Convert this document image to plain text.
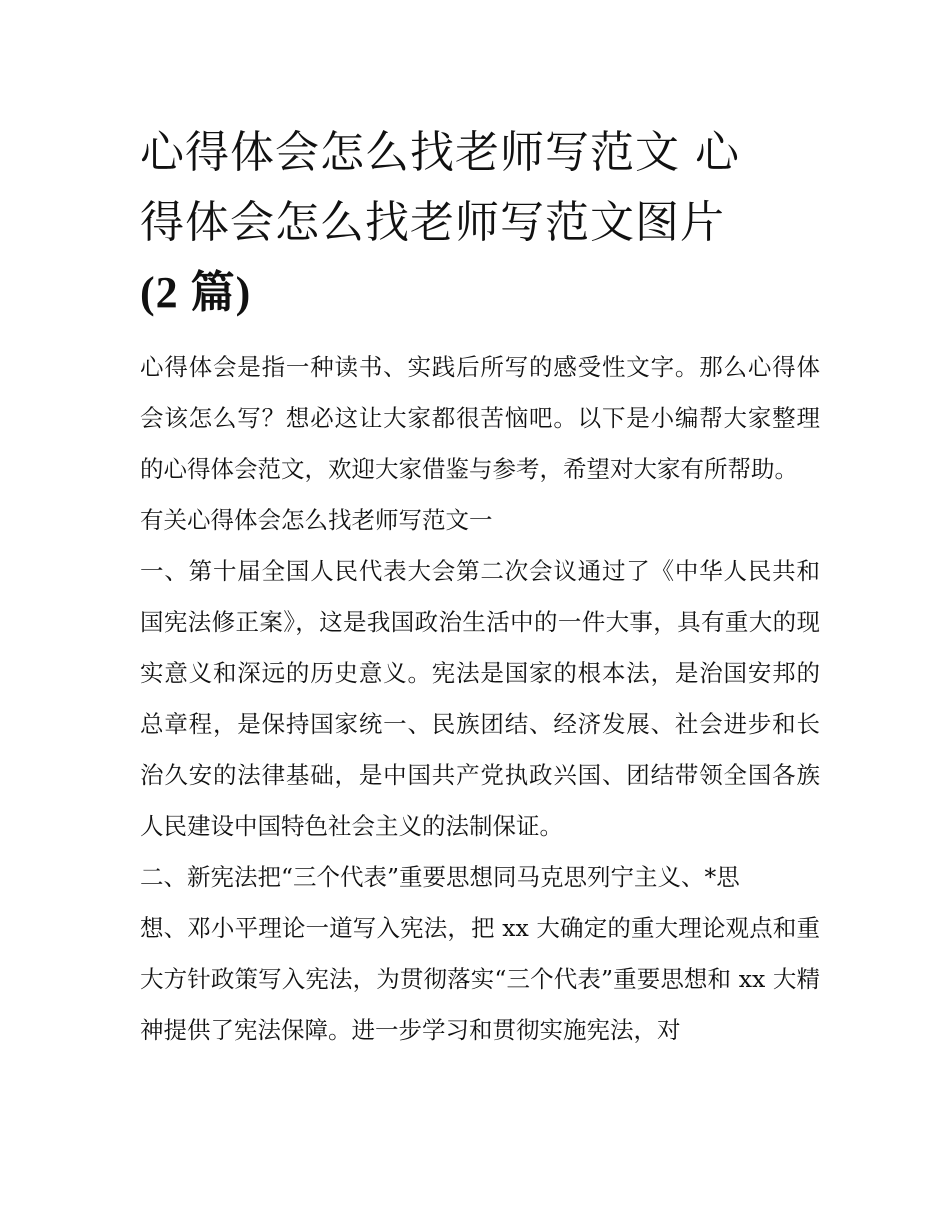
心得体会怎么找老师写范文 心
得体会怎么找老师写范文图片
(2 篇)

心得体会是指一种读书、实践后所写的感受性文字。那么心得体会该怎么写？想必这让大家都很苦恼吧。以下是小编帮大家整理的心得体会范文，欢迎大家借鉴与参考，希望对大家有所帮助。

有关心得体会怎么找老师写范文一

一、第十届全国人民代表大会第二次会议通过了《中华人民共和国宪法修正案》，这是我国政治生活中的一件大事，具有重大的现实意义和深远的历史意义。宪法是国家的根本法，是治国安邦的总章程，是保持国家统一、民族团结、经济发展、社会进步和长治久安的法律基础，是中国共产党执政兴国、团结带领全国各族人民建设中国特色社会主义的法制保证。

二、新宪法把“三个代表”重要思想同马克思列宁主义、*思

想、邓小平理论一道写入宪法，把 xx 大确定的重大理论观点和重大方针政策写入宪法，为贯彻落实“三个代表”重要思想和 xx 大精神提供了宪法保障。进一步学习和贯彻实施宪法，对
